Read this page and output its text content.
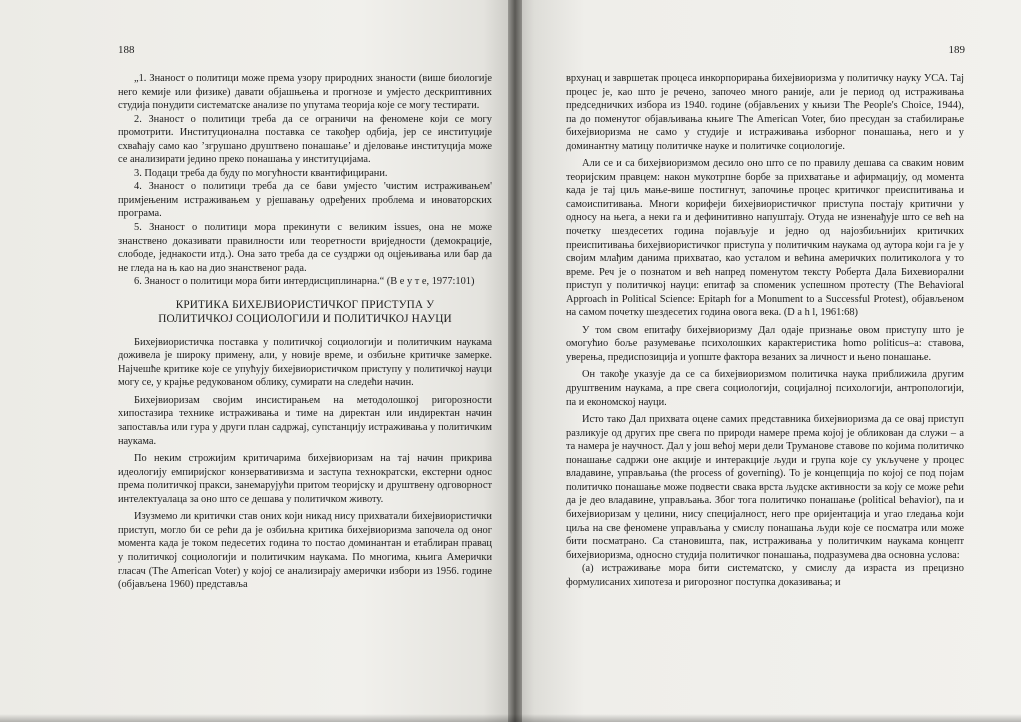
188

„1. Знаност о политици може према узору природних знаности (више биологије него кемије или физике) давати објашњења и прогнозе и умјесто дескриптивних студија понудити систематске анализе по упутама теорија које се могу тестирати.

2. Знаност о политици треба да се ограничи на феномене који се могу промотрити. Институционална поставка се такођер одбија, јер се институције схваћају само као ’згрушано друштвено понашање’ и дјеловање институција може се анализирати једино преко понашања у институцијама.

3. Подаци треба да буду по могућности квантифицирани.

4. Знаност о политици треба да се бави умјесто 'чистим истраживањем' примјењеним истраживањем у рјешавању одређених проблема и иноваторских програма.

5. Знаност о политици мора прекинути с великим issues, она не може знанствено доказивати правилности или теоретности вриједности (демокрације, слободе, једнакости итд.). Она зато треба да се суздржи од оцјењивања или бар да не гледа на њ као на дио знанственог рада.

6. Знаност о политици мора бити интердисциплинарна.“ (В е у т е, 1977:101)

КРИТИКА БИХЕЈВИОРИСТИЧКОГ ПРИСТУПА У
ПОЛИТИЧКОЈ СОЦИОЛОГИЈИ И ПОЛИТИЧКОЈ НАУЦИ

Бихејвиористичка поставка у политичкој социологији и политичким наукама доживела је широку примену, али, у новије време, и озбиљне критичке замерке. Најчешће критике које се упућују бихејвиористичком приступу у политичкој науци могу се, у крајње редукованом облику, сумирати на следећи начин.

Бихејвиоризам својим инсистирањем на методолошкој ригорозности хипостазира технике истраживања и тиме на директан или индиректан начин запоставља или гура у други план садржај, супстанцију истраживања у политичким наукама.

По неким строжијим критичарима бихејвиоризам на тај начин прикрива идеологију емпиријског конзервативизма и заступа технократски, екстерни однос према политичкој пракси, занемарујући притом теоријску и друштвену одговорност интелектуалаца за оно што се дешава у политичком животу.

Изузмемо ли критички став оних који никад нису прихватали бихејвиористички приступ, могло би се рећи да је озбиљна критика бихејвиоризма започела од оног момента када је током педесетих година то постао доминантан и етаблиран правац у политичкој социологији и политичким наукама. По многима, књига Амерички гласач (The American Voter) у којој се анализирају амерички избори из 1956. године (објављена 1960) представља

189

врхунац и завршетак процеса инкорпорирања бихејвиоризма у политичку науку УСА. Тај процес је, као што је речено, започео много раније, али је период од истраживања председничких избора из 1940. године (објављених у књизи The People's Choice, 1944), па до поменутог објављивања књиге The American Voter, био пресудан за стабилирање бихејвиоризма не само у студије и истраживања изборног понашања, него и у доминантну матицу политичке науке и политичке социологије.

Али се и са бихејвиоризмом десило оно што се по правилу дешава са сваким новим теоријским правцем: након мукотрпне борбе за прихватање и афирмацију, од момента када је тај циљ мање-више постигнут, започиње процес критичког преиспитивања и самоиспитивања. Многи корифеји бихејвиористичког приступа постају критични у односу на њега, а неки га и дефинитивно напуштају. Отуда не изненађује што се већ на почетку шездесетих година појављује и једно од најозбиљнијих критичких преиспитивања бихејвиористичког приступа у политичким наукама од аутора који га је у својим млађим данима прихватао, као усталом и већина америчких политиколога у то време. Реч је о познатом и већ напред поменутом тексту Роберта Дала Бихевиорални приступ у политичкој науци: епитаф за споменик успешном протесту (The Behavioral Approach in Political Science: Epitaph for a Monument to a Successful Protest), објављеном на самом почетку шездесетих година овога века. (D a h l, 1961:68)

У том свом епитафу бихејвиоризму Дал одаје признање овом приступу што је омогућио боље разумевање психолошких карактеристика homo politicus–а: ставова, уверења, предиспозиција и уопште фактора везаних за личност и њено понашање.

Он такође указује да се са бихејвиоризмом политичка наука приближила другим друштвеним наукама, а пре свега социологији, социјалној психологији, антропологији, па и економској науци.

Исто тако Дал прихвата оцене самих представника бихејвиоризма да се овај приступ разликује од других пре свега по природи намере према којој је обликован да служи – а та намера је научност. Дал у још већој мери дели Трумановe ставове по којима политичко понашање садржи оне акције и интеракције људи и група које су укључене у процес владавине, управљања (the process of governing). То је концепција по којој се под појам политичко понашање може подвести свака врста људске активности за коју се може рећи да је део владавине, управљања. Због тога политичко понашање (political behavior), па и бихејвиоризам у целини, нису специјалност, него пре оријентација и угао гледања који циља на све феномене управљања у смислу понашања људи које се посматра или може бити посматрано. Са становишта, пак, истраживања у политичким наукама концепт бихејвиоризма, односно студија политичког понашања, подразумева два основна услова:

(a) истраживање мора бити систематско, у смислу да израста из прецизно формулисаних хипотеза и ригорозног поступка доказивања; и
